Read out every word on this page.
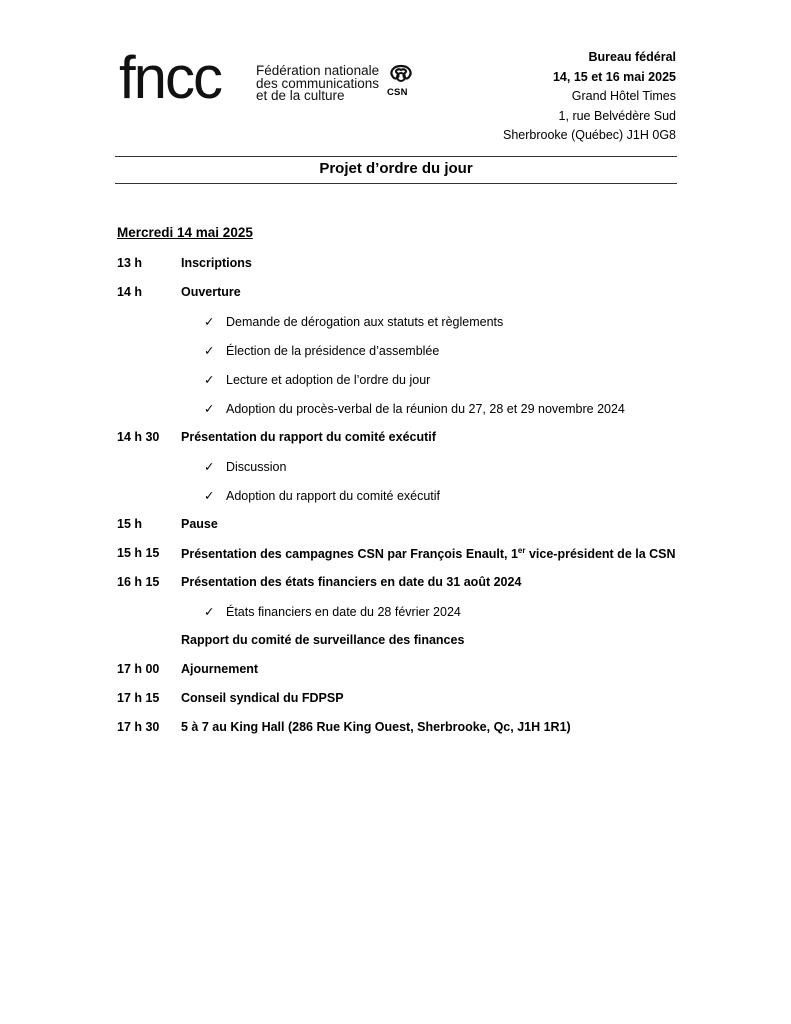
fncc	Fédération nationale
des communications
et de la culture	CSN
Bureau fédéral
14, 15 et 16 mai 2025
Grand Hôtel Times
1, rue Belvédère Sud
Sherbrooke (Québec) J1H 0G8
Projet d’ordre du jour
Mercredi 14 mai 2025
13 h	Inscriptions
14 h	Ouverture
✓ Demande de dérogation aux statuts et règlements
✓ Élection de la présidence d’assemblée
✓ Lecture et adoption de l’ordre du jour
✓ Adoption du procès-verbal de la réunion du 27, 28 et 29 novembre 2024
14 h 30 Présentation du rapport du comité exécutif
✓ Discussion
✓ Adoption du rapport du comité exécutif
15 h	Pause
15 h 15 Présentation des campagnes CSN par François Enault, 1er vice-président de la CSN
16 h 15 Présentation des états financiers en date du 31 août 2024
✓ États financiers en date du 28 février 2024
Rapport du comité de surveillance des finances
17 h 00 Ajournement
17 h 15 Conseil syndical du FDPSP
17 h 30 5 à 7 au King Hall (286 Rue King Ouest, Sherbrooke, Qc, J1H 1R1)
